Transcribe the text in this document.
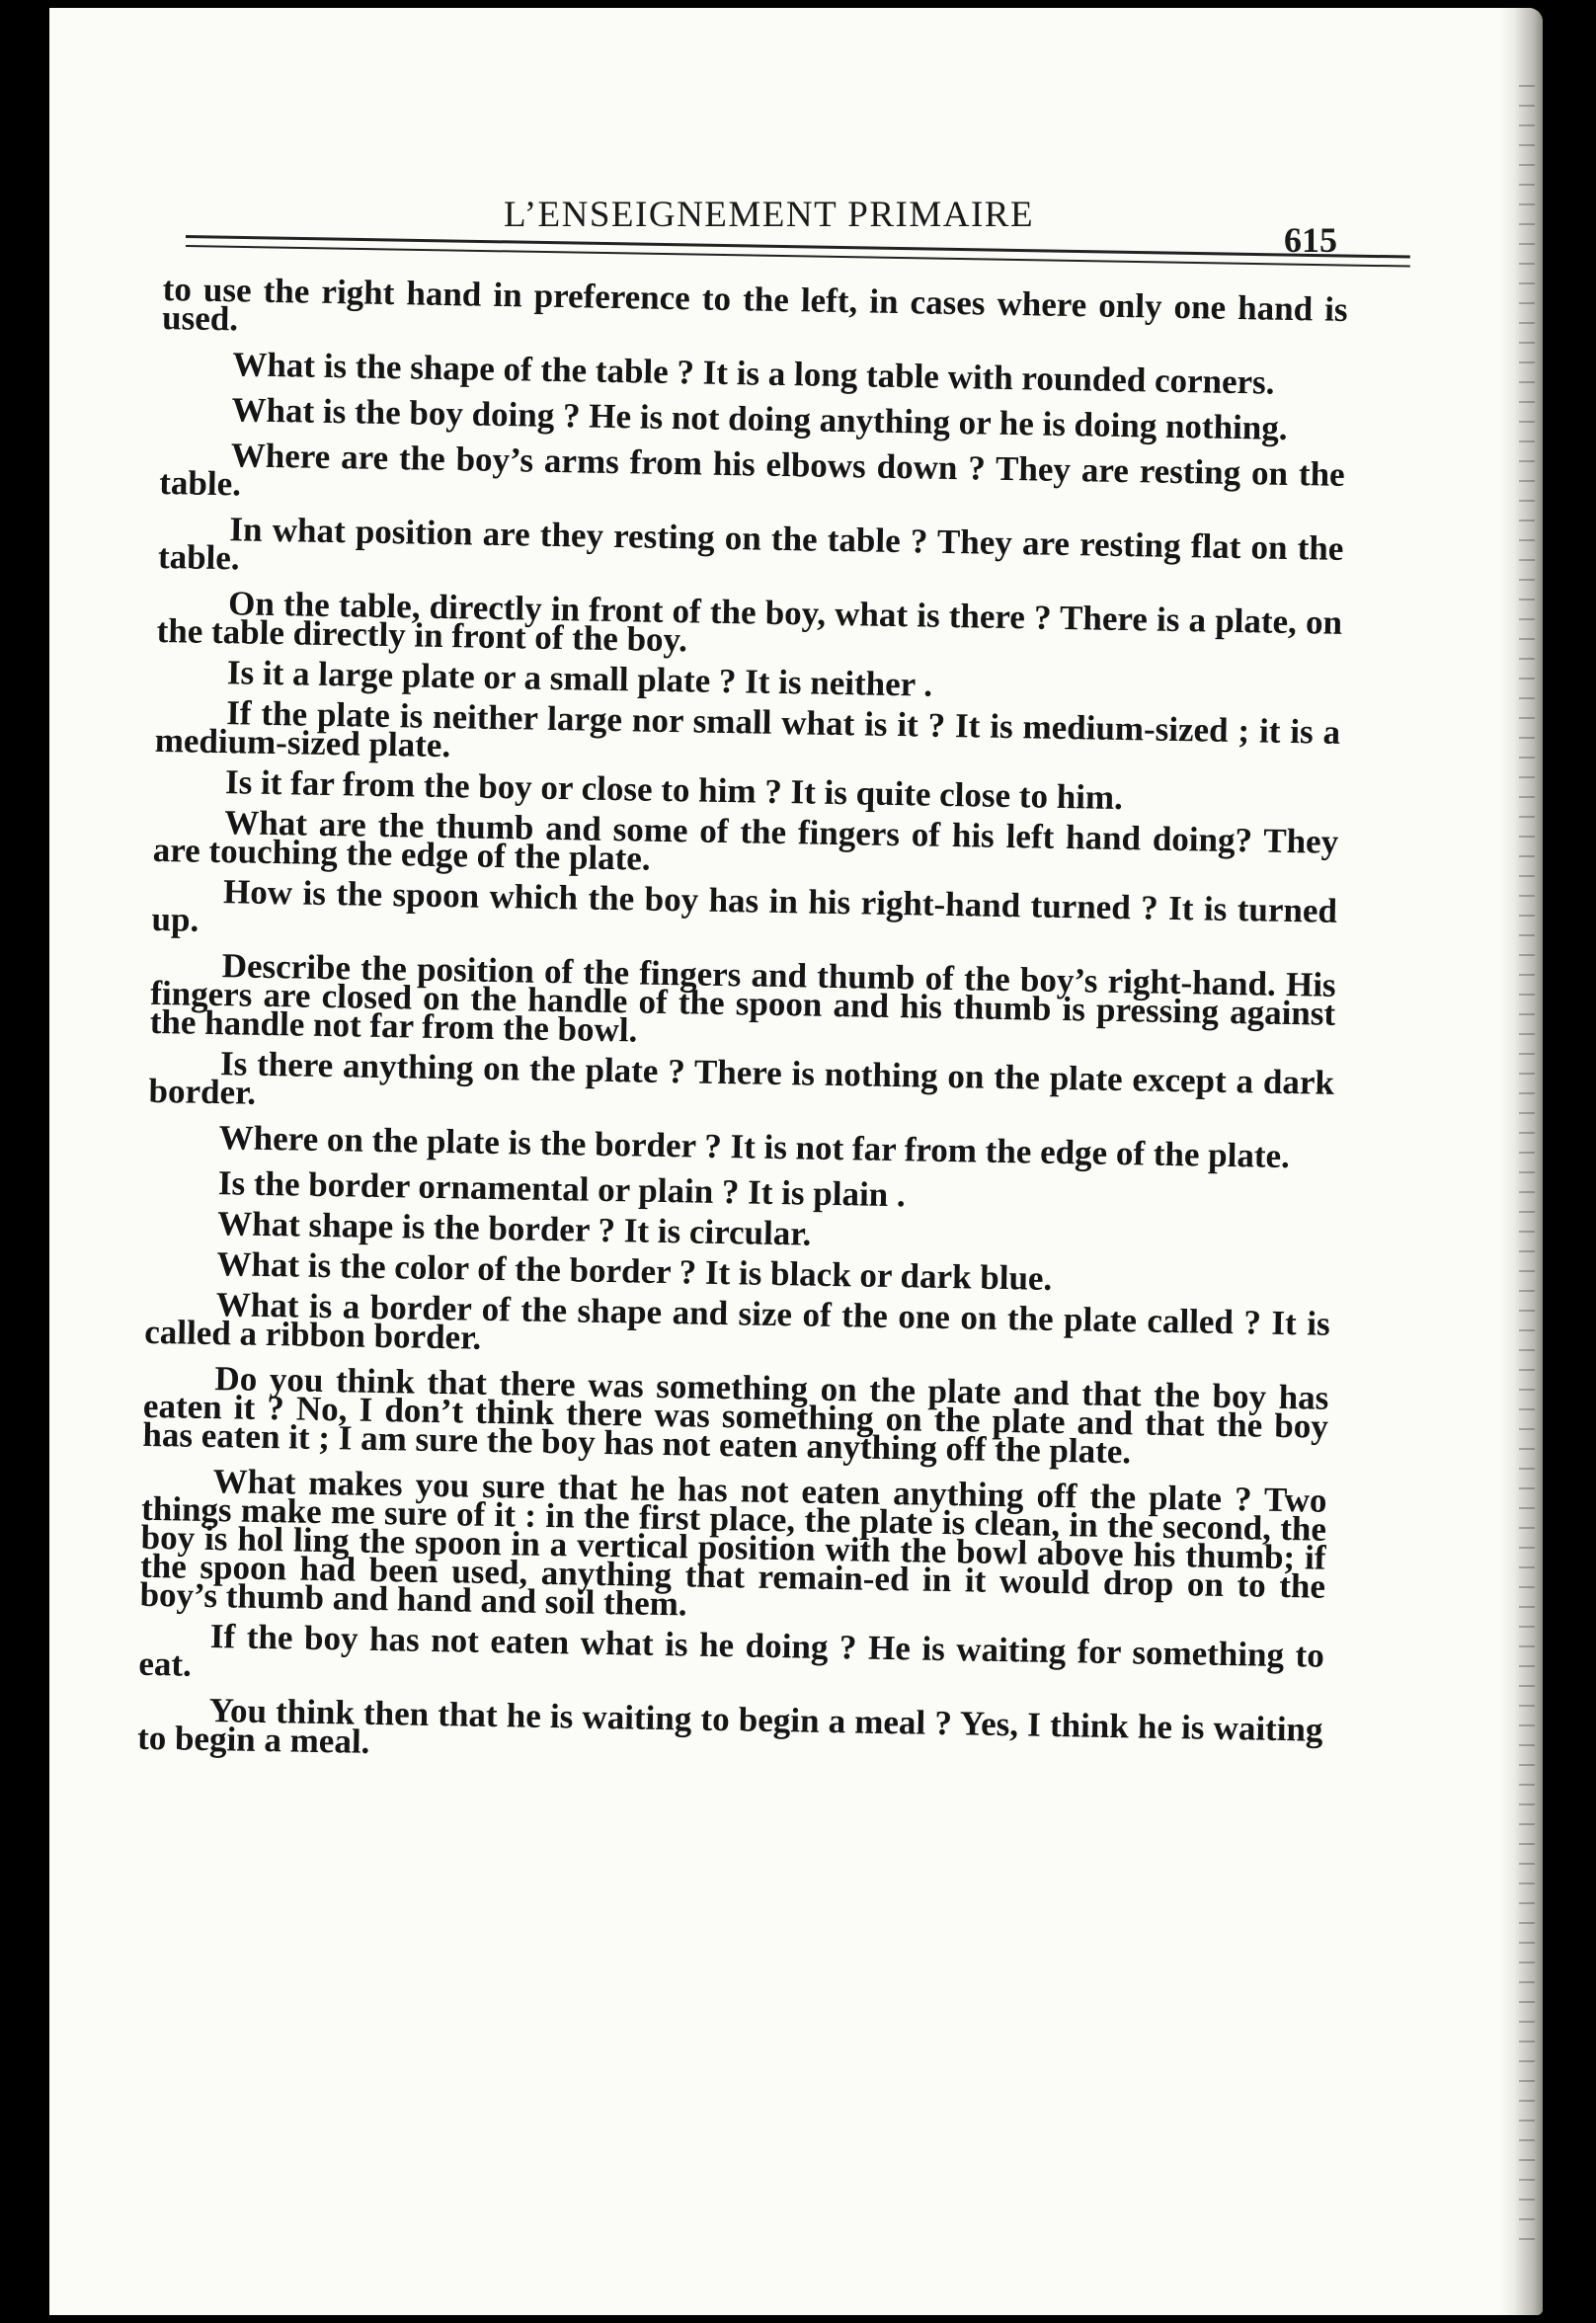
L’ENSEIGNEMENT PRIMAIRE
615

to use the right hand in preference to the left, in cases where only one hand is used.

What is the shape of the table ? It is a long table with rounded corners.

What is the boy doing ? He is not doing anything or he is doing nothing.

Where are the boy’s arms from his elbows down ? They are resting on the table.

In what position are they resting on the table ? They are resting flat on the table.

On the table, directly in front of the boy, what is there ? There is a plate, on the table directly in front of the boy.

Is it a large plate or a small plate ? It is neither .

If the plate is neither large nor small what is it ? It is medium-sized ; it is a medium-sized plate.

Is it far from the boy or close to him ? It is quite close to him.

What are the thumb and some of the fingers of his left hand doing? They are touching the edge of the plate.

How is the spoon which the boy has in his right-hand turned ? It is turned up.

Describe the position of the fingers and thumb of the boy’s right-hand. His fingers are closed on the handle of the spoon and his thumb is pressing against the handle not far from the bowl.

Is there anything on the plate ? There is nothing on the plate except a dark border.

Where on the plate is the border ? It is not far from the edge of the plate.

Is the border ornamental or plain ? It is plain .

What shape is the border ? It is circular.

What is the color of the border ? It is black or dark blue.

What is a border of the shape and size of the one on the plate called ? It is called a ribbon border.

Do you think that there was something on the plate and that the boy has eaten it ? No, I don’t think there was something on the plate and that the boy has eaten it ; I am sure the boy has not eaten anything off the plate.

What makes you sure that he has not eaten anything off the plate ? Two things make me sure of it : in the first place, the plate is clean, in the second, the boy is hol ling the spoon in a vertical position with the bowl above his thumb; if the spoon had been used, anything that remain-ed in it would drop on to the boy’s thumb and hand and soil them.

If the boy has not eaten what is he doing ? He is waiting for something to eat.

You think then that he is waiting to begin a meal ? Yes, I think he is waiting to begin a meal.
